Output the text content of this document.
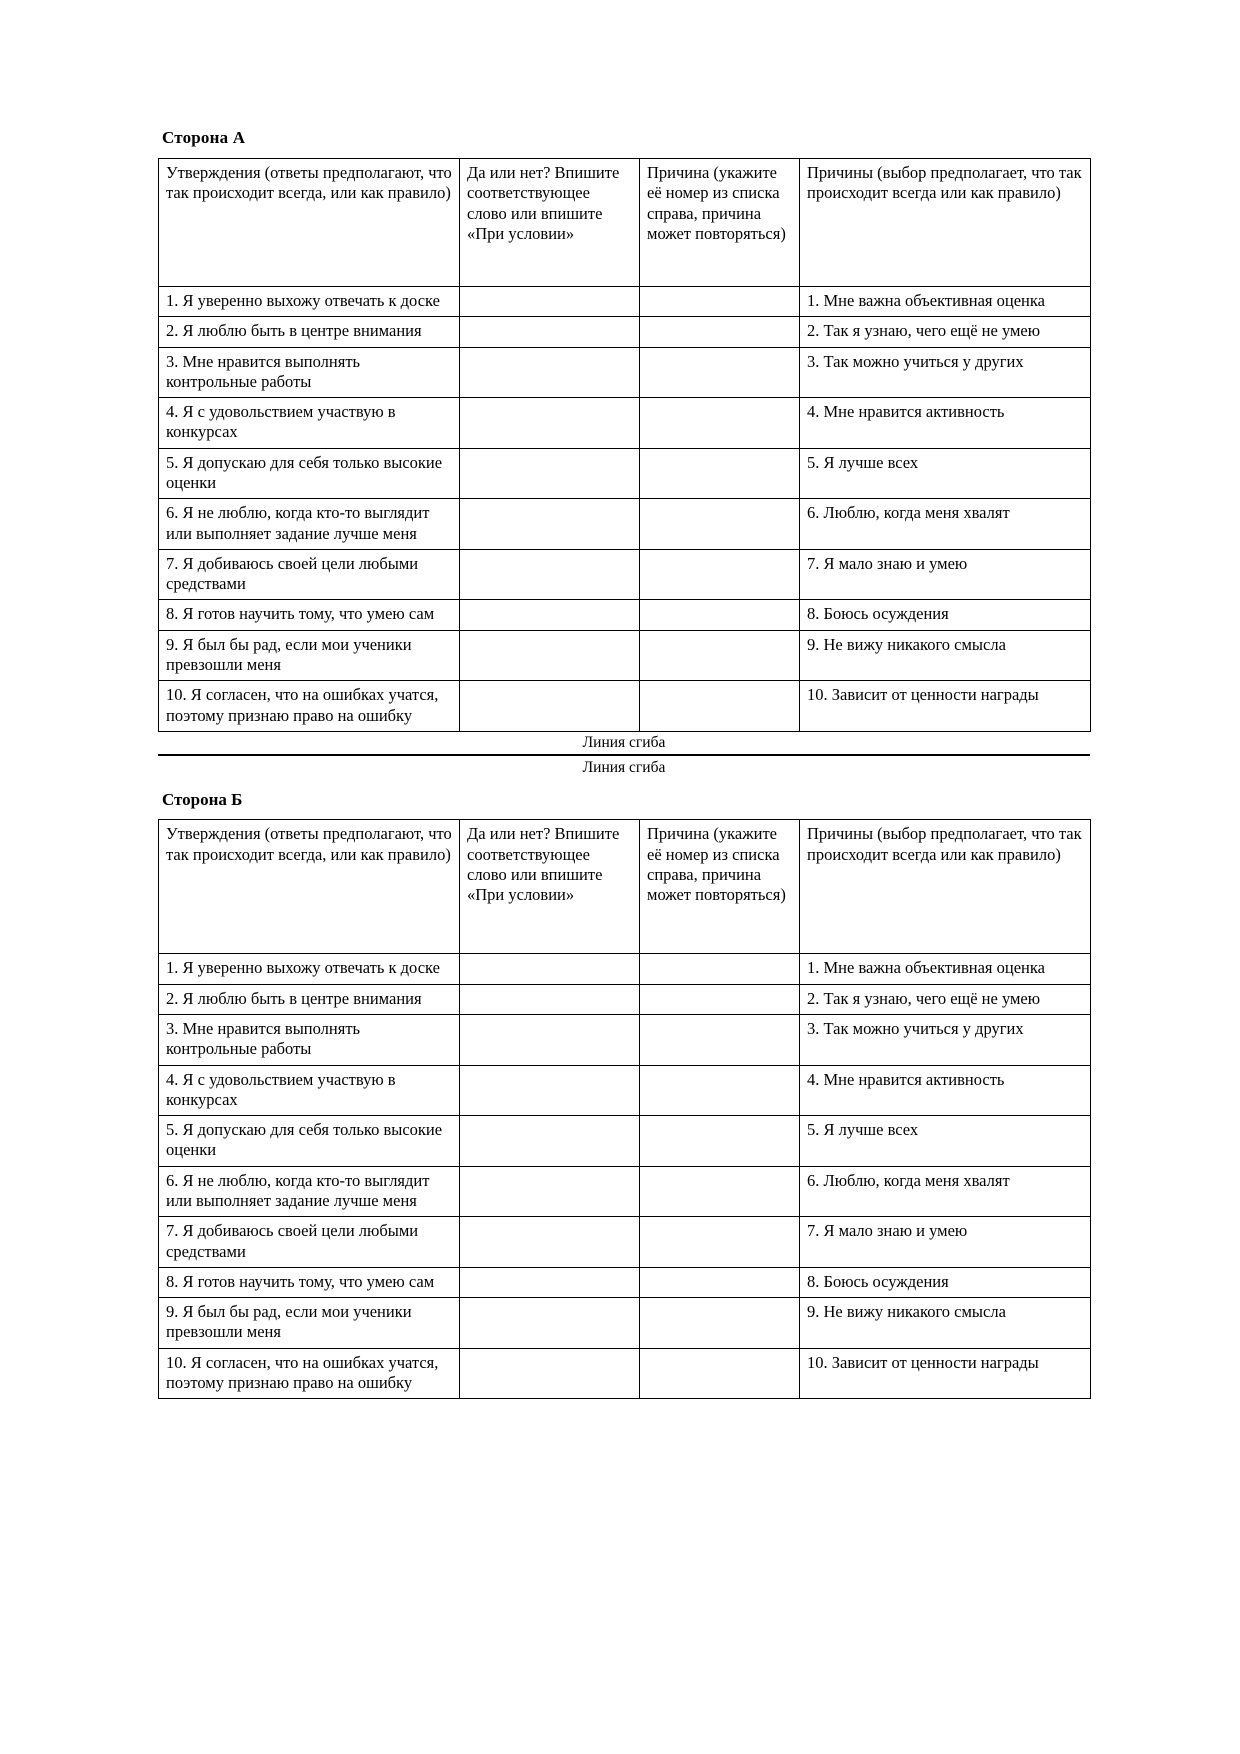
Сторона А
Утверждения (ответы предполагают, что так происходит всегда, или как правило)	Да или нет? Впишите соответствующее слово или впишите «При условии»	Причина (укажите её номер из списка справа, причина может повторяться)	Причины (выбор предполагает, что так происходит всегда или как правило)
1. Я уверенно выхожу отвечать к доске			1. Мне важна объективная оценка
2. Я люблю быть в центре внимания			2. Так я узнаю, чего ещё не умею
3. Мне нравится выполнять контрольные работы			3. Так можно учиться у других
4. Я с удовольствием участвую в конкурсах			4. Мне нравится активность
5. Я допускаю для себя только высокие оценки			5. Я лучше всех
6. Я не люблю, когда кто-то выглядит или выполняет задание лучше меня			6. Люблю, когда меня хвалят
7. Я добиваюсь своей цели любыми средствами			7. Я мало знаю и умею
8. Я готов научить тому, что умею сам			8. Боюсь осуждения
9. Я был бы рад, если мои ученики превзошли меня			9. Не вижу никакого смысла
10. Я согласен, что на ошибках учатся, поэтому признаю право на ошибку			10. Зависит от ценности награды
Линия сгиба
Линия сгиба
Сторона Б
Утверждения (ответы предполагают, что так происходит всегда, или как правило)	Да или нет? Впишите соответствующее слово или впишите «При условии»	Причина (укажите её номер из списка справа, причина может повторяться)	Причины (выбор предполагает, что так происходит всегда или как правило)
1. Я уверенно выхожу отвечать к доске			1. Мне важна объективная оценка
2. Я люблю быть в центре внимания			2. Так я узнаю, чего ещё не умею
3. Мне нравится выполнять контрольные работы			3. Так можно учиться у других
4. Я с удовольствием участвую в конкурсах			4. Мне нравится активность
5. Я допускаю для себя только высокие оценки			5. Я лучше всех
6. Я не люблю, когда кто-то выглядит или выполняет задание лучше меня			6. Люблю, когда меня хвалят
7. Я добиваюсь своей цели любыми средствами			7. Я мало знаю и умею
8. Я готов научить тому, что умею сам			8. Боюсь осуждения
9. Я был бы рад, если мои ученики превзошли меня			9. Не вижу никакого смысла
10. Я согласен, что на ошибках учатся, поэтому признаю право на ошибку			10. Зависит от ценности награды
